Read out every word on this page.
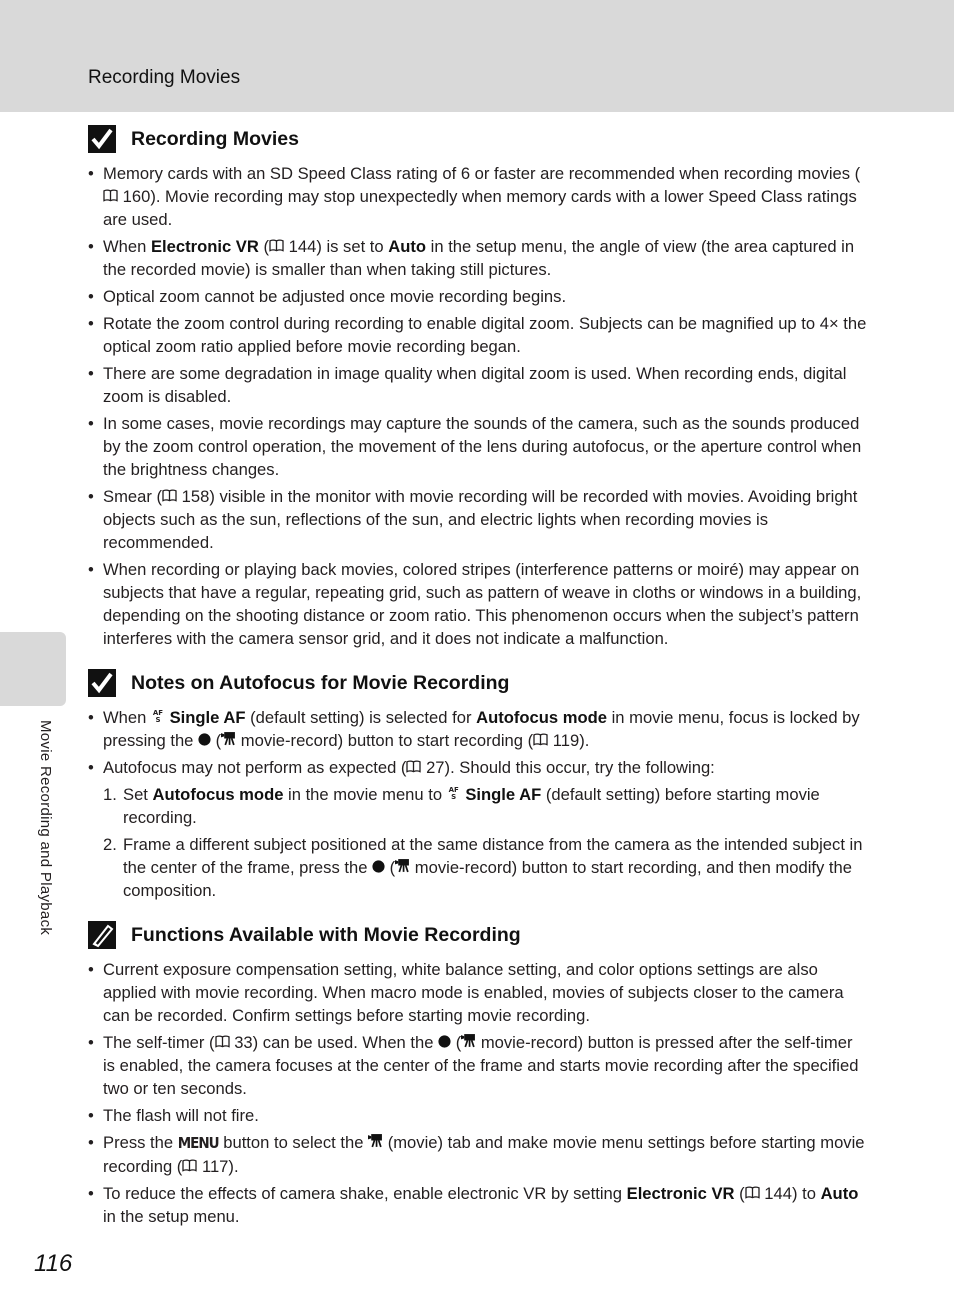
Recording Movies
Movie Recording and Playback
Recording Movies
• Memory cards with an SD Speed Class rating of 6 or faster are recommended when recording movies ( 160). Movie recording may stop unexpectedly when memory cards with a lower Speed Class ratings are used.
• When Electronic VR ( 144) is set to Auto in the setup menu, the angle of view (the area captured in the recorded movie) is smaller than when taking still pictures.
• Optical zoom cannot be adjusted once movie recording begins.
• Rotate the zoom control during recording to enable digital zoom. Subjects can be magnified up to 4× the optical zoom ratio applied before movie recording began.
• There are some degradation in image quality when digital zoom is used. When recording ends, digital zoom is disabled.
• In some cases, movie recordings may capture the sounds of the camera, such as the sounds produced by the zoom control operation, the movement of the lens during autofocus, or the aperture control when the brightness changes.
• Smear ( 158) visible in the monitor with movie recording will be recorded with movies. Avoiding bright objects such as the sun, reflections of the sun, and electric lights when recording movies is recommended.
• When recording or playing back movies, colored stripes (interference patterns or moiré) may appear on subjects that have a regular, repeating grid, such as pattern of weave in cloths or windows in a building, depending on the shooting distance or zoom ratio. This phenomenon occurs when the subject’s pattern interferes with the camera sensor grid, and it does not indicate a malfunction.
Notes on Autofocus for Movie Recording
• When AF
S Single AF (default setting) is selected for Autofocus mode in movie menu, focus is locked by pressing the  ( movie-record) button to start recording ( 119).
• Autofocus may not perform as expected ( 27). Should this occur, try the following:
1. Set Autofocus mode in the movie menu to AF
S Single AF (default setting) before starting movie recording.
2. Frame a different subject positioned at the same distance from the camera as the intended subject in the center of the frame, press the  ( movie-record) button to start recording, and then modify the composition.
Functions Available with Movie Recording
• Current exposure compensation setting, white balance setting, and color options settings are also applied with movie recording. When macro mode is enabled, movies of subjects closer to the camera can be recorded. Confirm settings before starting movie recording.
• The self-timer ( 33) can be used. When the  ( movie-record) button is pressed after the self-timer is enabled, the camera focuses at the center of the frame and starts movie recording after the specified two or ten seconds.
• The flash will not fire.
• Press the MENU button to select the  (movie) tab and make movie menu settings before starting movie recording ( 117).
• To reduce the effects of camera shake, enable electronic VR by setting Electronic VR ( 144) to Auto in the setup menu.
116
